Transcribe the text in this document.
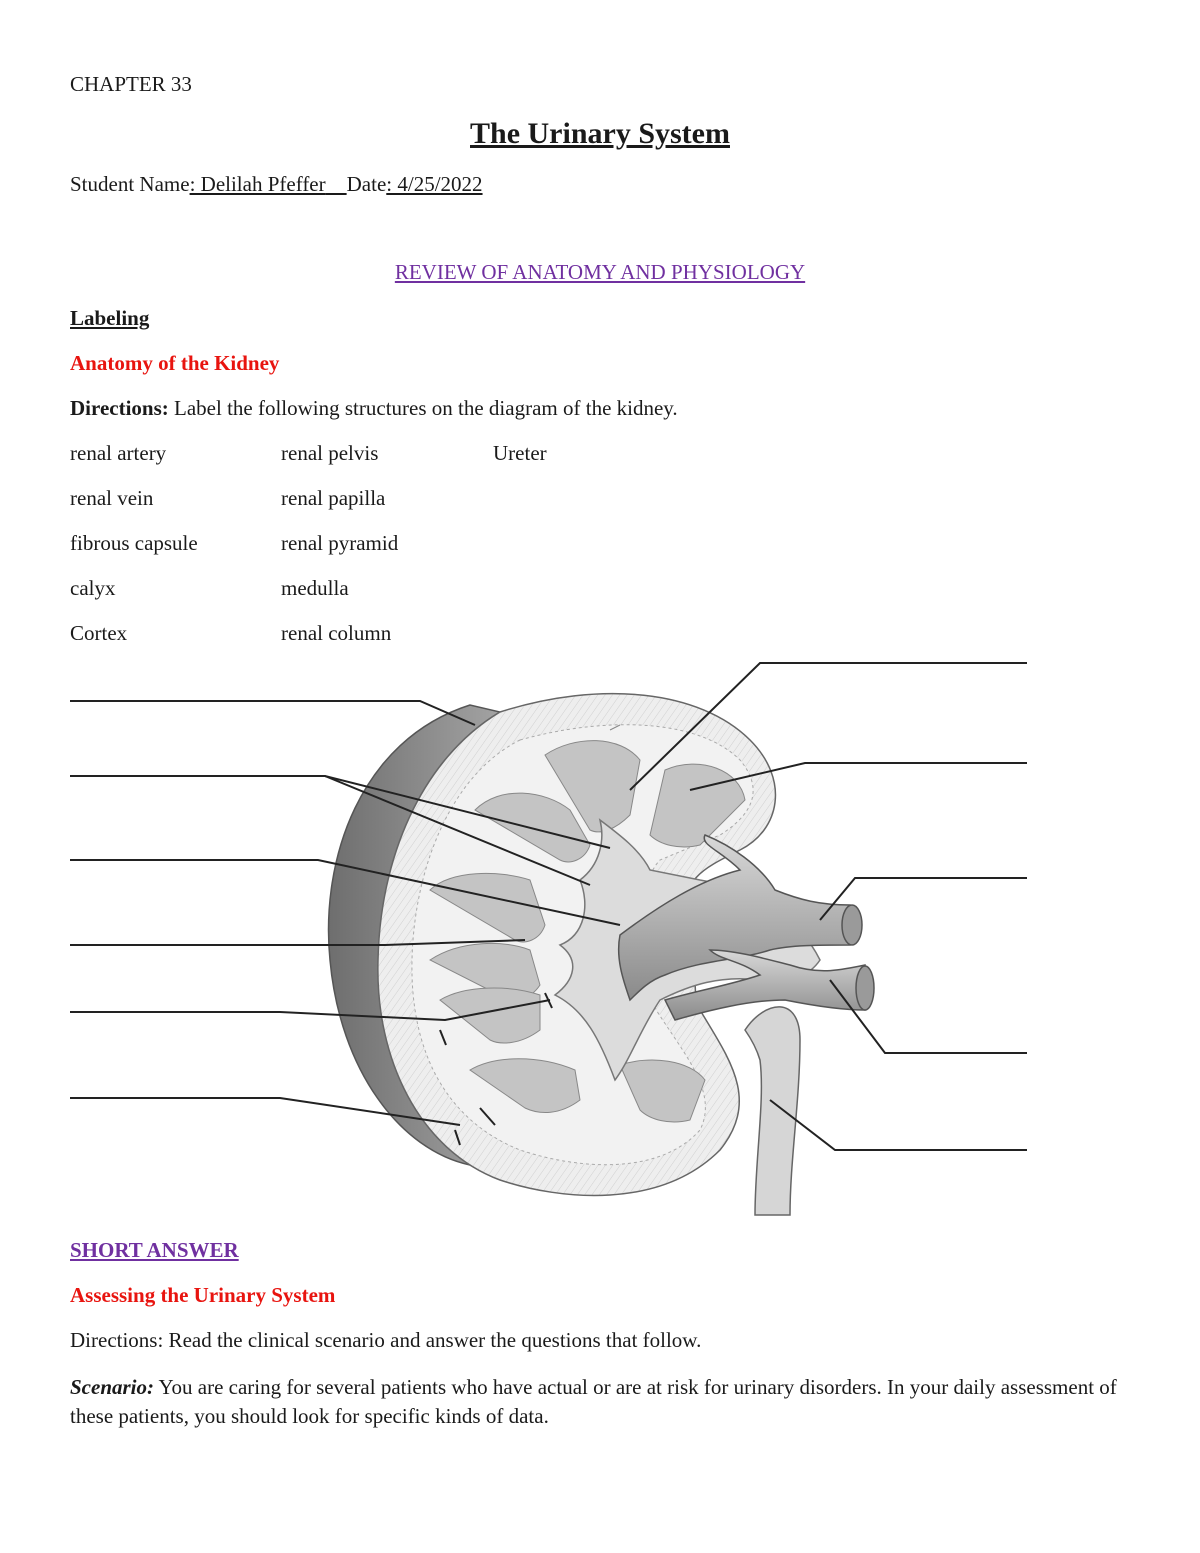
CHAPTER 33
The Urinary System
Student Name: Delilah Pfeffer Date: 4/25/2022
REVIEW OF ANATOMY AND PHYSIOLOGY
Labeling
Anatomy of the Kidney
Directions: Label the following structures on the diagram of the kidney.
renal artery
renal vein
fibrous capsule
calyx
Cortex
renal pelvis
renal papilla
renal pyramid
medulla
renal column
Ureter
SHORT ANSWER
Assessing the Urinary System
Directions: Read the clinical scenario and answer the questions that follow.
Scenario: You are caring for several patients who have actual or are at risk for urinary disorders. In your daily assessment of these patients, you should look for specific kinds of data.
